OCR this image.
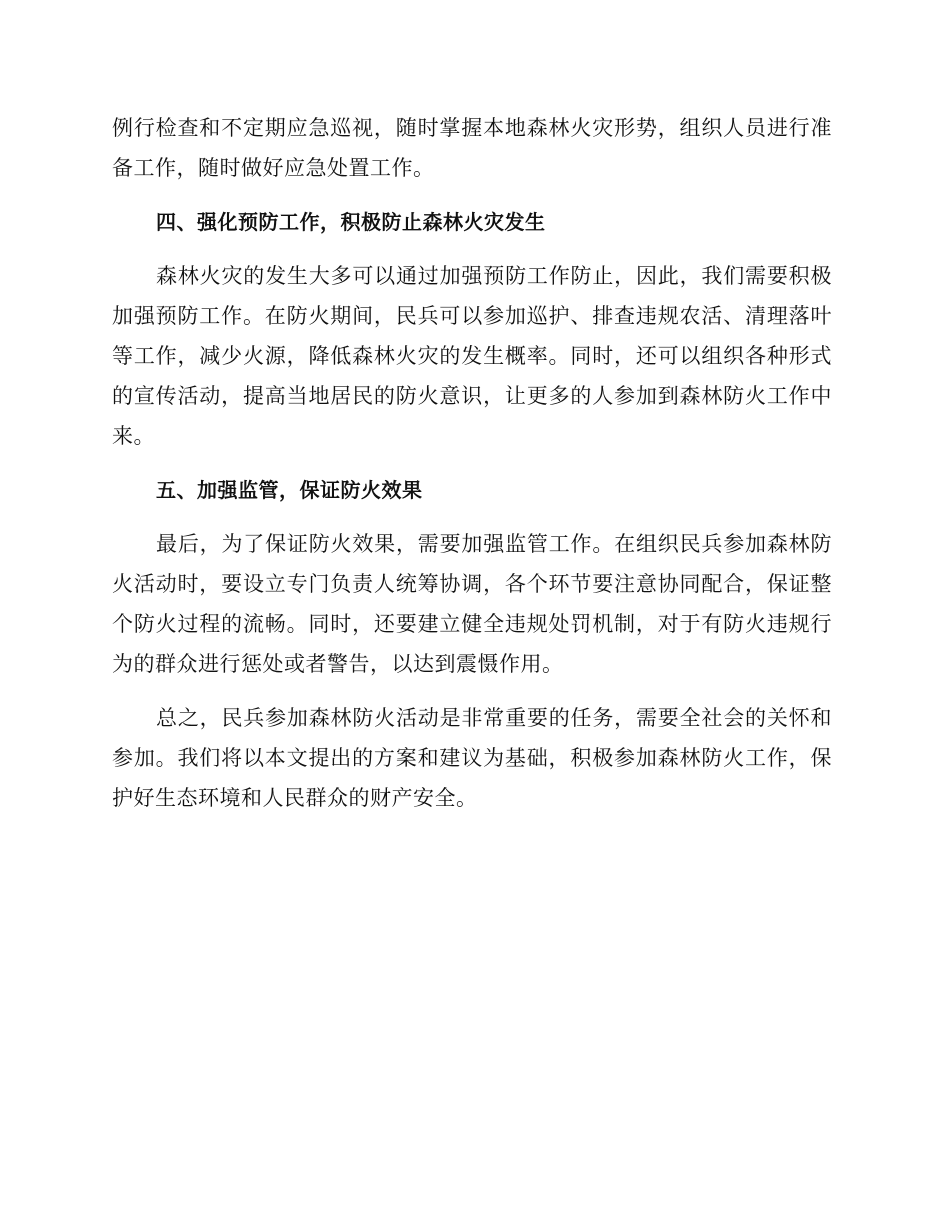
例行检查和不定期应急巡视，随时掌握本地森林火灾形势，组织人员进行准备工作，随时做好应急处置工作。

四、强化预防工作，积极防止森林火灾发生

森林火灾的发生大多可以通过加强预防工作防止，因此，我们需要积极加强预防工作。在防火期间，民兵可以参加巡护、排查违规农活、清理落叶等工作，减少火源，降低森林火灾的发生概率。同时，还可以组织各种形式的宣传活动，提高当地居民的防火意识，让更多的人参加到森林防火工作中来。

五、加强监管，保证防火效果

最后，为了保证防火效果，需要加强监管工作。在组织民兵参加森林防火活动时，要设立专门负责人统筹协调，各个环节要注意协同配合，保证整个防火过程的流畅。同时，还要建立健全违规处罚机制，对于有防火违规行为的群众进行惩处或者警告，以达到震慑作用。

总之，民兵参加森林防火活动是非常重要的任务，需要全社会的关怀和参加。我们将以本文提出的方案和建议为基础，积极参加森林防火工作，保护好生态环境和人民群众的财产安全。
